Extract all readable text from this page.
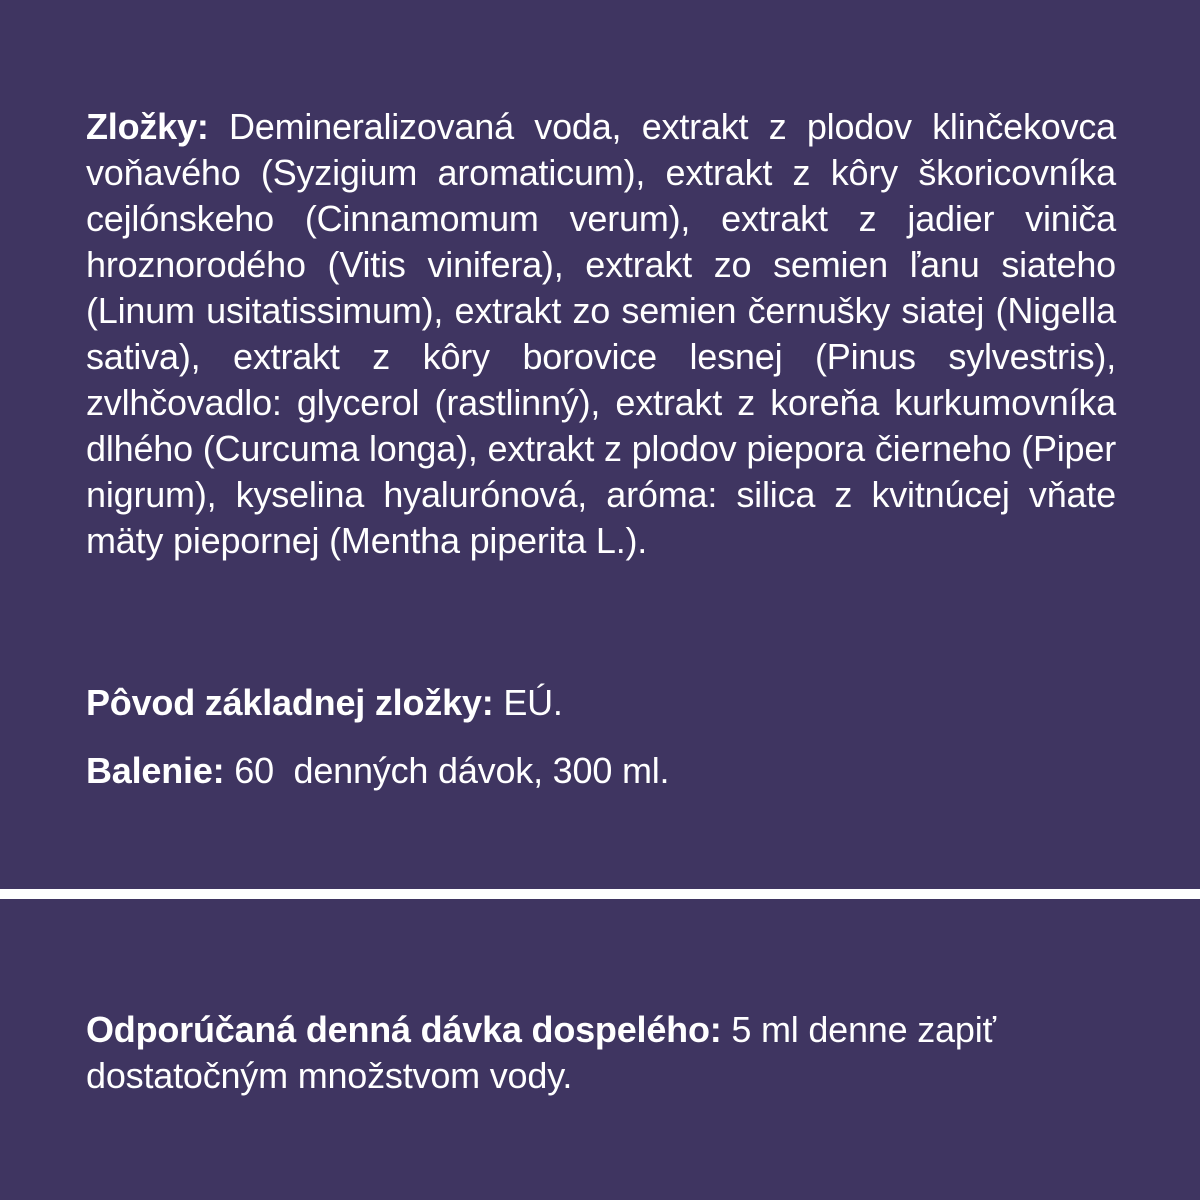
Zložky: Demineralizovaná voda, extrakt z plodov klinčekovca voňavého (Syzigium aromaticum), extrakt z kôry škoricovníka cejlónskeho (Cinnamomum verum), extrakt z jadier viniča hroznorodého (Vitis vinifera), extrakt zo semien ľanu siateho (Linum usitatissimum), extrakt zo semien černušky siatej (Nigella sativa), extrakt z kôry borovice lesnej (Pinus sylvestris), zvlhčovadlo: glycerol (rastlinný), extrakt z koreňa kurkumovníka dlhého (Curcuma longa), extrakt z plodov piepora čierneho (Piper nigrum), kyselina hyalurónová, aróma: silica z kvitnúcej vňate mäty piepornej (Mentha piperita L.).

Pôvod základnej zložky: EÚ.

Balenie: 60  denných dávok, 300 ml.

Odporúčaná denná dávka dospelého: 5 ml denne zapiť dostatočným množstvom vody.
